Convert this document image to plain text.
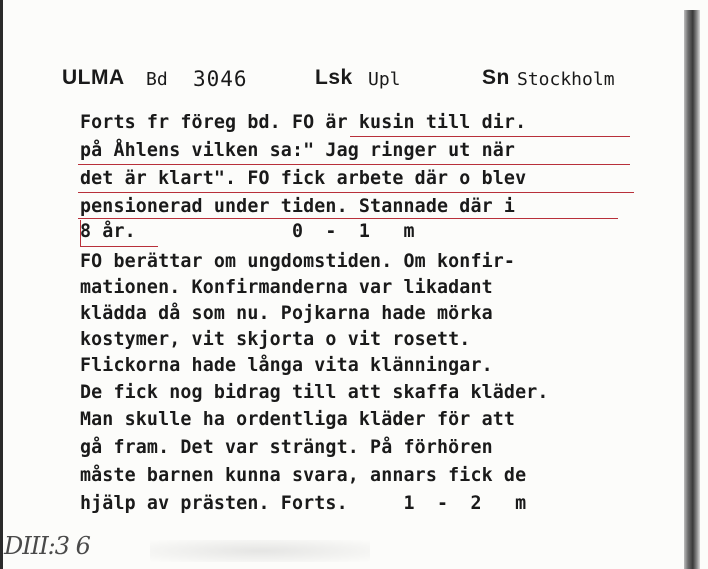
ULMA Bd 3046	Lsk Upl	Sn Stockholm
Forts fr föreg bd. FO är kusin till dir.
på Åhlens vilken sa:" Jag ringer ut när
det är klart". FO fick arbete där o blev
pensionerad under tiden. Stannade där i
8 år.              0  -  1   m
FO berättar om ungdomstiden. Om konfir-
mationen. Konfirmanderna var likadant
klädda då som nu. Pojkarna hade mörka
kostymer, vit skjorta o vit rosett.
Flickorna hade långa vita klänningar.
De fick nog bidrag till att skaffa kläder.
Man skulle ha ordentliga kläder för att
gå fram. Det var strängt. På förhören
måste barnen kunna svara, annars fick de
hjälp av prästen. Forts.     1  -  2   m
DIII:3 6
